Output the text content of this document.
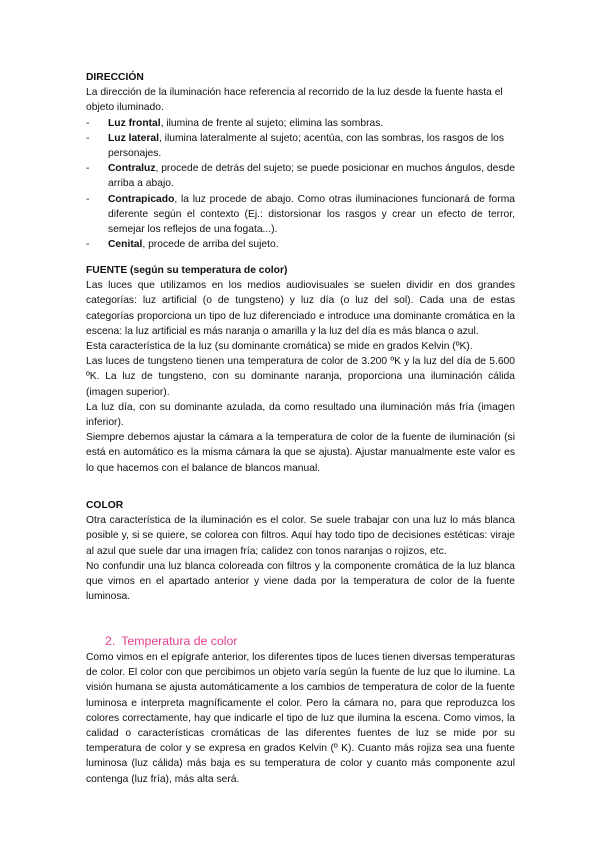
DIRECCIÓN

La dirección de la iluminación hace referencia al recorrido de la luz desde la fuente hasta el objeto iluminado.

-	Luz frontal, ilumina de frente al sujeto; elimina las sombras.
-	Luz lateral, ilumina lateralmente al sujeto; acentúa, con las sombras, los rasgos de los personajes.
-	Contraluz, procede de detrás del sujeto; se puede posicionar en muchos ángulos, desde arriba a abajo.
-	Contrapicado, la luz procede de abajo. Como otras iluminaciones funcionará de forma diferente según el contexto (Ej.: distorsionar los rasgos y crear un efecto de terror, semejar los reflejos de una fogata...).
-	Cenital, procede de arriba del sujeto.

FUENTE (según su temperatura de color)

Las luces que utilizamos en los medios audiovisuales se suelen dividir en dos grandes categorías: luz artificial (o de tungsteno) y luz día (o luz del sol). Cada una de estas categorías proporciona un tipo de luz diferenciado e introduce una dominante cromática en la escena: la luz artificial es más naranja o amarilla y la luz del día es más blanca o azul.

Esta característica de la luz (su dominante cromática) se mide en grados Kelvin (ºK).

Las luces de tungsteno tienen una temperatura de color de 3.200 ºK y la luz del día de 5.600 ºK. La luz de tungsteno, con su dominante naranja, proporciona una iluminación cálida (imagen superior).

La luz día, con su dominante azulada, da como resultado una iluminación más fría (imagen inferior).

Siempre debemos ajustar la cámara a la temperatura de color de la fuente de iluminación (si está en automático es la misma cámara la que se ajusta). Ajustar manualmente este valor es lo que hacemos con el balance de blancos manual.

COLOR

Otra característica de la iluminación es el color. Se suele trabajar con una luz lo más blanca posible y, si se quiere, se colorea con filtros. Aquí hay todo tipo de decisiones estéticas: viraje al azul que suele dar una imagen fría; calidez con tonos naranjas o rojizos, etc.

No confundir una luz blanca coloreada con filtros y la componente cromática de la luz blanca que vimos en el apartado anterior y viene dada por la temperatura de color de la fuente luminosa.

2. Temperatura de color

Como vimos en el epígrafe anterior, los diferentes tipos de luces tienen diversas temperaturas de color. El color con que percibimos un objeto varía según la fuente de luz que lo ilumine. La visión humana se ajusta automáticamente a los cambios de temperatura de color de la fuente luminosa e interpreta magníficamente el color. Pero la cámara no, para que reproduzca los colores correctamente, hay que indicarle el tipo de luz que ilumina la escena. Como vimos, la calidad o características cromáticas de las diferentes fuentes de luz se mide por su temperatura de color y se expresa en grados Kelvin (º K). Cuanto más rojiza sea una fuente luminosa (luz cálida) más baja es su temperatura de color y cuanto más componente azul contenga (luz fría), más alta será.
